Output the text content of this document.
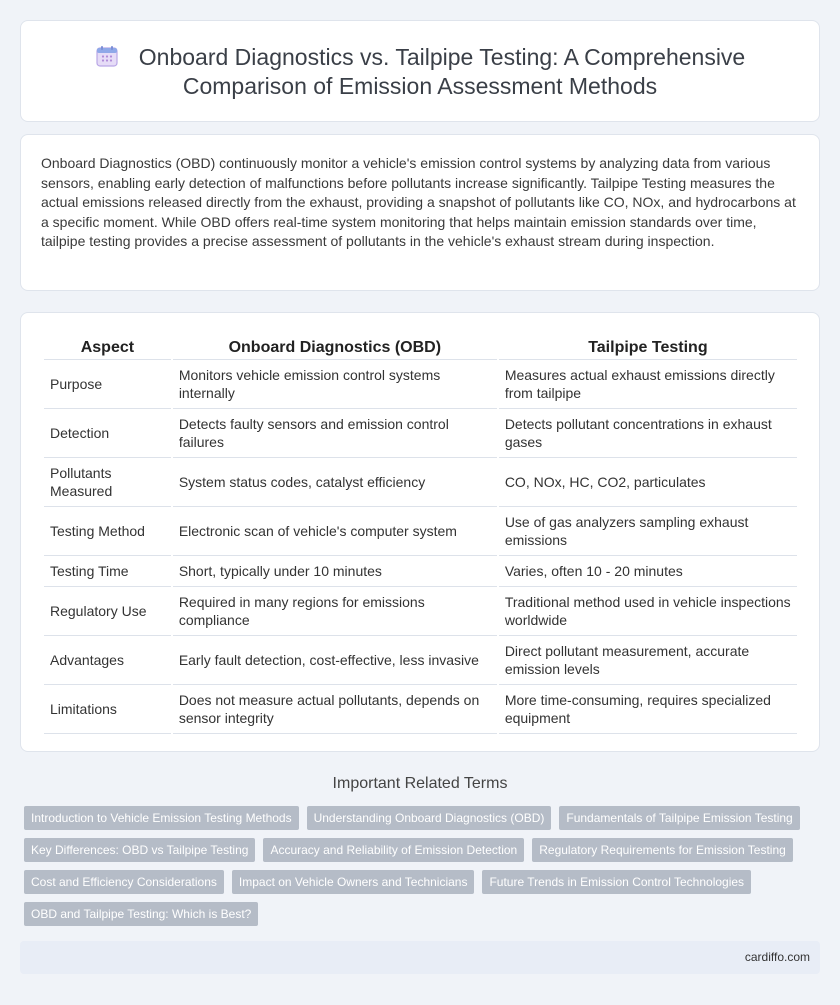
Onboard Diagnostics vs. Tailpipe Testing: A Comprehensive
Comparison of Emission Assessment Methods

Onboard Diagnostics (OBD) continuously monitor a vehicle's emission control systems by analyzing data from various sensors, enabling early detection of malfunctions before pollutants increase significantly. Tailpipe Testing measures the actual emissions released directly from the exhaust, providing a snapshot of pollutants like CO, NOx, and hydrocarbons at a specific moment. While OBD offers real-time system monitoring that helps maintain emission standards over time, tailpipe testing provides a precise assessment of pollutants in the vehicle's exhaust stream during inspection.

Aspect	Onboard Diagnostics (OBD)	Tailpipe Testing
Purpose	Monitors vehicle emission control systems internally	Measures actual exhaust emissions directly from tailpipe
Detection	Detects faulty sensors and emission control failures	Detects pollutant concentrations in exhaust gases
Pollutants Measured	System status codes, catalyst efficiency	CO, NOx, HC, CO2, particulates
Testing Method	Electronic scan of vehicle's computer system	Use of gas analyzers sampling exhaust emissions
Testing Time	Short, typically under 10 minutes	Varies, often 10 - 20 minutes
Regulatory Use	Required in many regions for emissions compliance	Traditional method used in vehicle inspections worldwide
Advantages	Early fault detection, cost-effective, less invasive	Direct pollutant measurement, accurate emission levels
Limitations	Does not measure actual pollutants, depends on sensor integrity	More time-consuming, requires specialized equipment
Important Related Terms
Introduction to Vehicle Emission Testing Methods	Understanding Onboard Diagnostics (OBD)	Fundamentals of Tailpipe Emission Testing
Key Differences: OBD vs Tailpipe Testing	Accuracy and Reliability of Emission Detection	Regulatory Requirements for Emission Testing
Cost and Efficiency Considerations	Impact on Vehicle Owners and Technicians	Future Trends in Emission Control Technologies
OBD and Tailpipe Testing: Which is Best?
cardiffo.com
